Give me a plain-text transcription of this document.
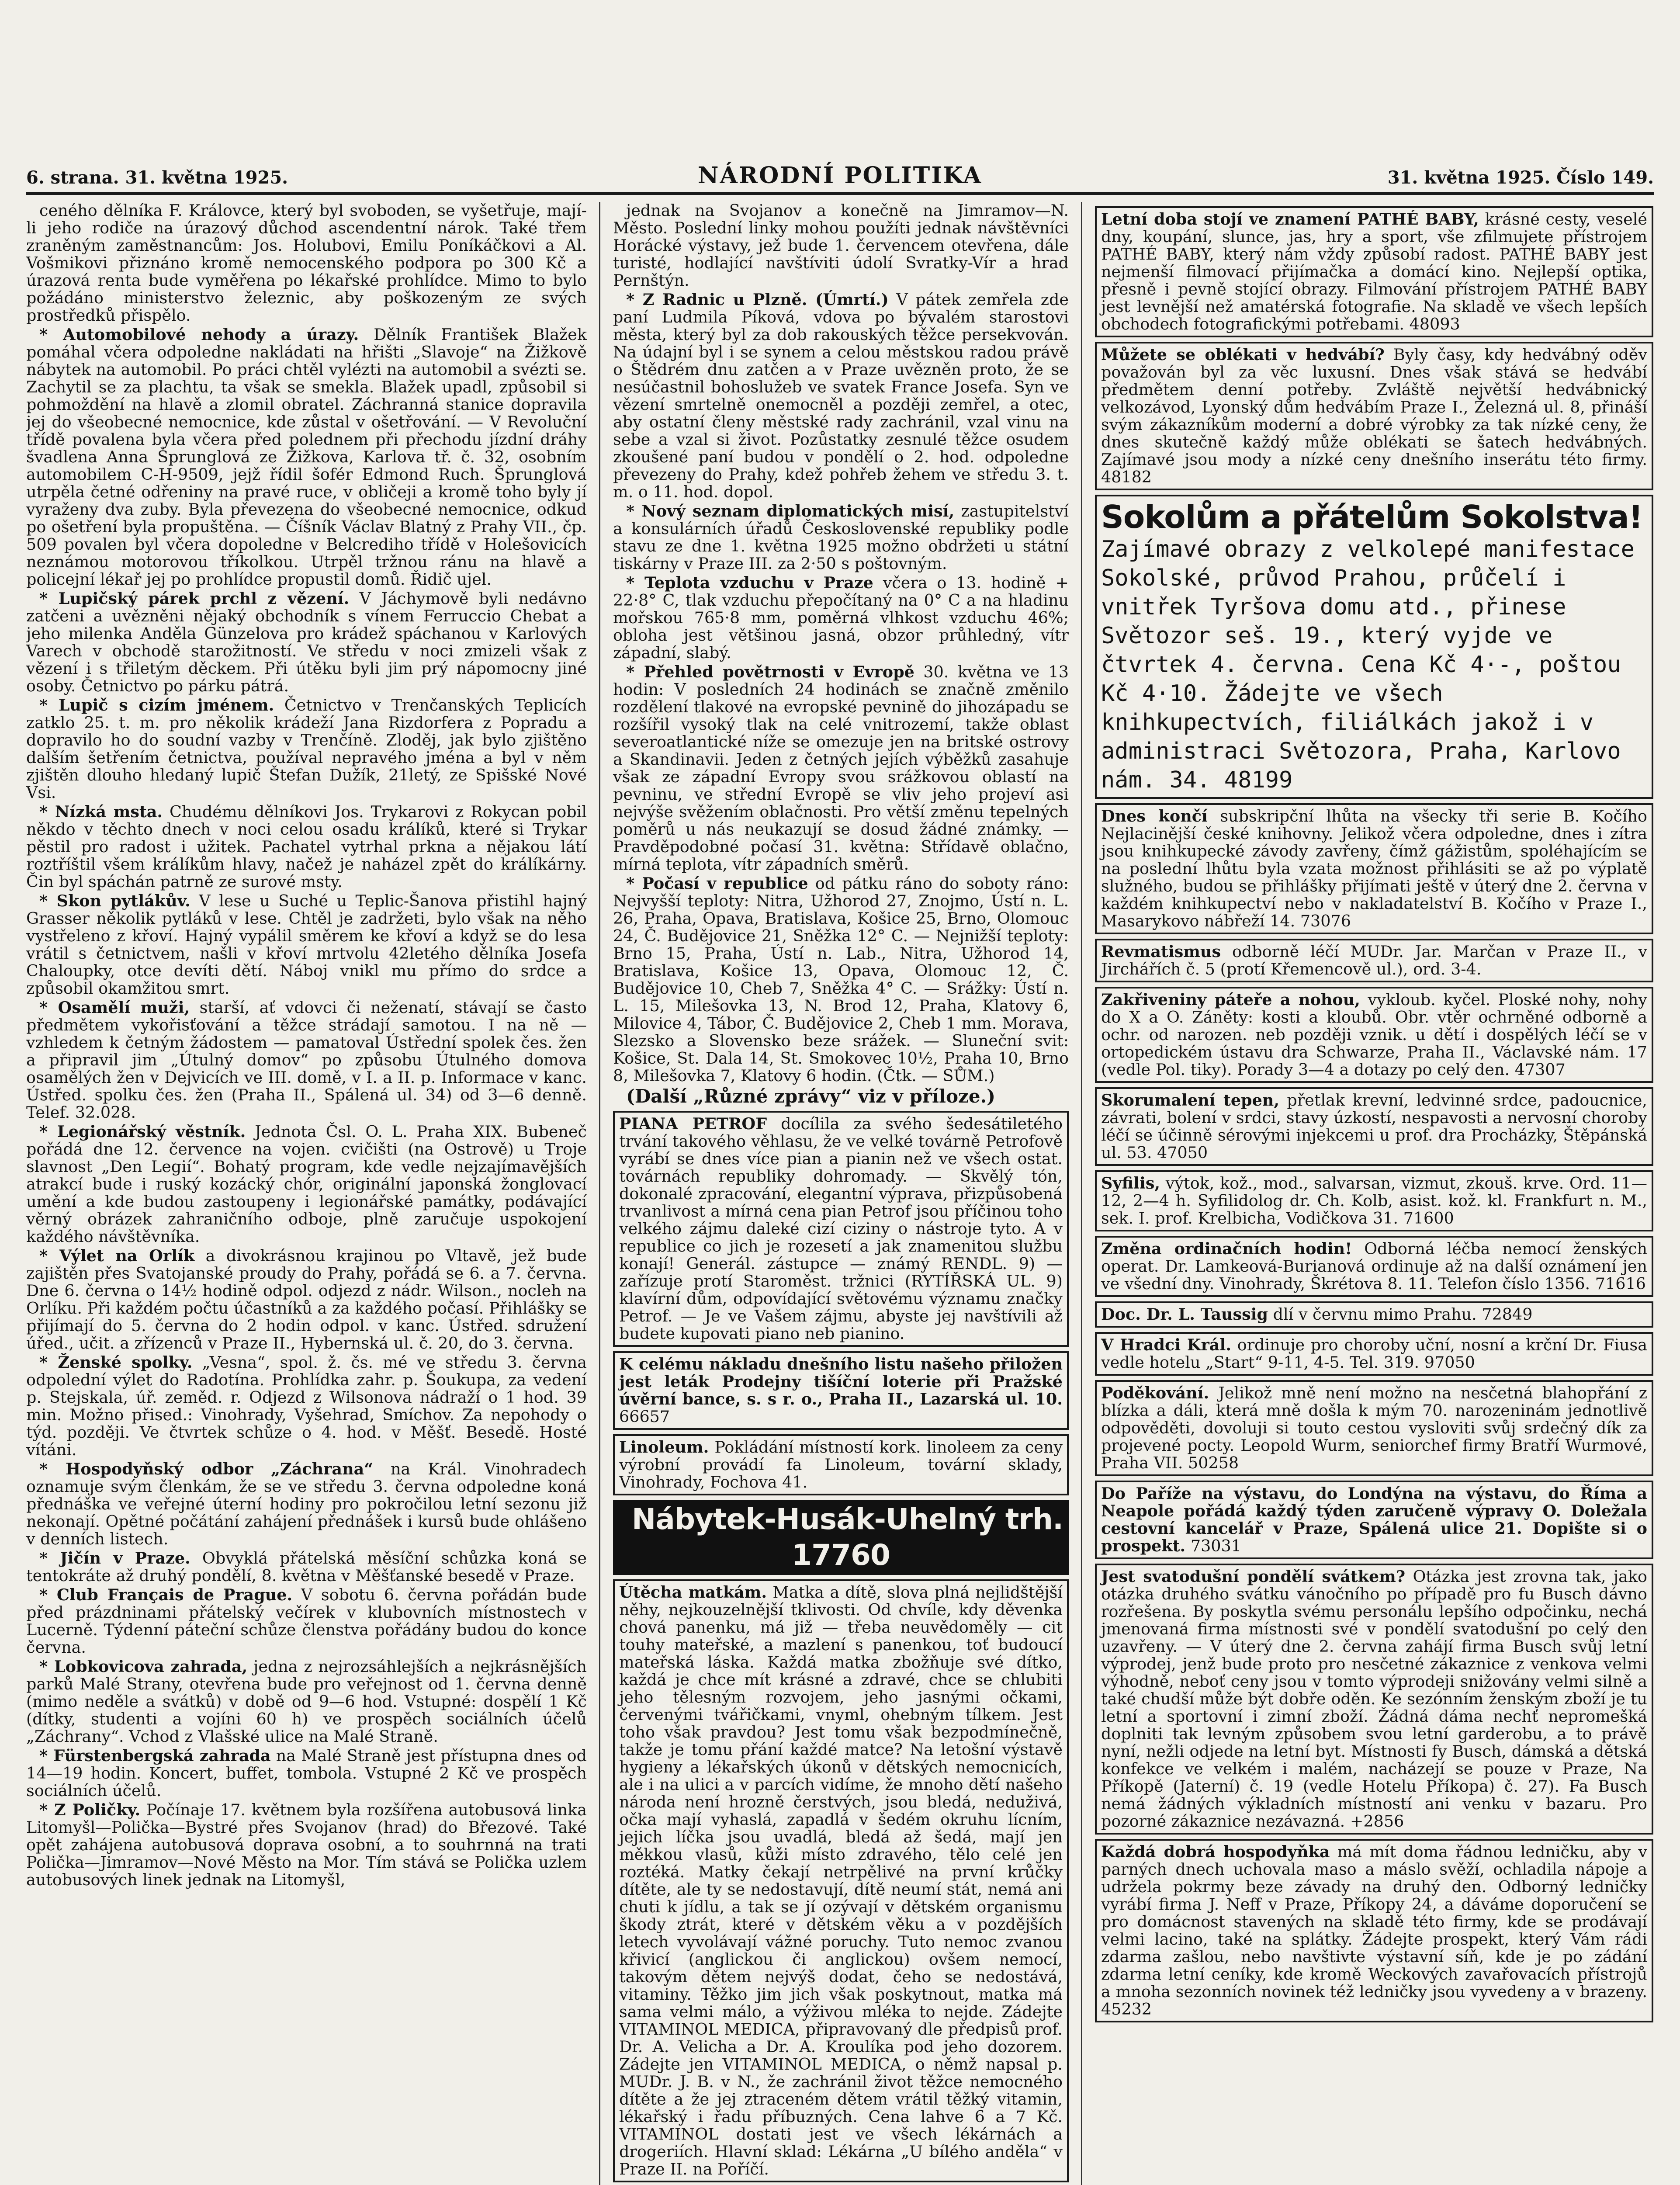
6. strana. 31. května 1925.	NÁRODNÍ POLITIKA	31. května 1925. Číslo 149.

ceného dělníka F. Královce, který byl svoboden, se vyšetřuje, mají-li jeho rodiče na úrazový důchod ascendentní nárok. Také třem zraněným zaměstnancům: Jos. Holubovi, Emilu Poníkáčkovi a Al. Vošmikovi přiznáno kromě nemocenského podpora po 300 Kč a úrazová renta bude vyměřena po lékařské prohlídce. Mimo to bylo požádáno ministerstvo železnic, aby poškozeným ze svých prostředků přispělo.

* Automobilové nehody a úrazy. Dělník František Blažek pomáhal včera odpoledne nakládati na hřišti „Slavoje“ na Žižkově nábytek na automobil. Po práci chtěl vylézti na automobil a svézti se. Zachytil se za plachtu, ta však se smekla. Blažek upadl, způsobil si pohmoždění na hlavě a zlomil obratel. Záchranná stanice dopravila jej do všeobecné nemocnice, kde zůstal v ošetřování. — V Revoluční třídě povalena byla včera před polednem při přechodu jízdní dráhy švadlena Anna Šprunglová ze Žižkova, Karlova tř. č. 32, osobním automobilem C-H-9509, jejž řídil šofér Edmond Ruch. Šprunglová utrpěla četné odřeniny na pravé ruce, v obličeji a kromě toho byly jí vyraženy dva zuby. Byla převezena do všeobecné nemocnice, odkud po ošetření byla propuštěna. — Číšník Václav Blatný z Prahy VII., čp. 509 povalen byl včera dopoledne v Belcrediho třídě v Holešovicích neznámou motorovou tříkolkou. Utrpěl tržnou ránu na hlavě a policejní lékař jej po prohlídce propustil domů. Řidič ujel.

* Lupičský párek prchl z vězení. V Jáchymově byli nedávno zatčeni a uvězněni nějaký obchodník s vínem Ferruccio Chebat a jeho milenka Anděla Günzelova pro krádež spáchanou v Karlových Varech v obchodě starožitností. Ve středu v noci zmizeli však z vězení i s třiletým děckem. Při útěku byli jim prý nápomocny jiné osoby. Četnictvo po párku pátrá.

* Lupič s cizím jménem. Četnictvo v Trenčanských Teplicích zatklo 25. t. m. pro několik krádeží Jana Rizdorfera z Popradu a dopravilo ho do soudní vazby v Trenčíně. Zloděj, jak bylo zjištěno dalším šetřením četnictva, používal nepravého jména a byl v něm zjištěn dlouho hledaný lupič Štefan Dužík, 21letý, ze Spišské Nové Vsi.

* Nízká msta. Chudému dělníkovi Jos. Trykarovi z Rokycan pobil někdo v těchto dnech v noci celou osadu králíků, které si Trykar pěstil pro radost i užitek. Pachatel vytrhal prkna a nějakou látí roztříštil všem králíkům hlavy, načež je naházel zpět do králíkárny. Čin byl spáchán patrně ze surové msty.

* Skon pytlákův. V lese u Suché u Teplic-Šanova přistihl hajný Grasser několik pytláků v lese. Chtěl je zadržeti, bylo však na něho vystřeleno z křoví. Hajný vypálil směrem ke křoví a když se do lesa vrátil s četnictvem, našli v křoví mrtvolu 42letého dělníka Josefa Chaloupky, otce devíti dětí. Náboj vnikl mu přímo do srdce a způsobil okamžitou smrt.

* Osamělí muži, starší, ať vdovci či neženatí, stávají se často předmětem vykořisťování a těžce strádají samotou. I na ně — vzhledem k četným žádostem — pamatoval Ústřední spolek čes. žen a připravil jim „Útulný domov“ po způsobu Útulného domova osamělých žen v Dejvicích ve III. domě, v I. a II. p. Informace v kanc. Ústřed. spolku čes. žen (Praha II., Spálená ul. 34) od 3—6 denně. Telef. 32.028.

* Legionářský věstník. Jednota Čsl. O. L. Praha XIX. Bubeneč pořádá dne 12. července na vojen. cvičišti (na Ostrově) u Troje slavnost „Den Legií“. Bohatý program, kde vedle nejzajímavějších atrakcí bude i ruský kozácký chór, originální japonská žonglovací umění a kde budou zastoupeny i legionářské památky, podávající věrný obrázek zahraničního odboje, plně zaručuje uspokojení každého návštěvníka.

* Výlet na Orlík a divokrásnou krajinou po Vltavě, jež bude zajištěn přes Svatojanské proudy do Prahy, pořádá se 6. a 7. června. Dne 6. června o 14½ hodině odpol. odjezd z nádr. Wilson., nocleh na Orlíku. Při každém počtu účastníků a za každého počasí. Přihlášky se přijímají do 5. června do 2 hodin odpol. v kanc. Ústřed. sdružení úřed., učit. a zřízenců v Praze II., Hybernská ul. č. 20, do 3. června.

* Ženské spolky. „Vesna“, spol. ž. čs. mé ve středu 3. června odpolední výlet do Radotína. Prohlídka zahr. p. Šoukupa, za vedení p. Stejskala, úř. zeměd. r. Odjezd z Wilsonova nádraží o 1 hod. 39 min. Možno přised.: Vinohrady, Vyšehrad, Smíchov. Za nepohody o týd. později. Ve čtvrtek schůze o 4. hod. v Měšť. Besedě. Hosté vítáni.

* Hospodyňský odbor „Záchrana“ na Král. Vinohradech oznamuje svým členkám, že se ve středu 3. června odpoledne koná přednáška ve veřejné úterní hodiny pro pokročilou letní sezonu již nekonají. Opětné počátání zahájení přednášek i kursů bude ohlášeno v denních listech.

* Jičín v Praze. Obvyklá přátelská měsíční schůzka koná se tentokráte až druhý pondělí, 8. května v Měšťanské besedě v Praze.

* Club Français de Prague. V sobotu 6. června pořádán bude před prázdninami přátelský večírek v klubovních místnostech v Lucerně. Týdenní páteční schůze členstva pořádány budou do konce června.

* Lobkovicova zahrada, jedna z nejrozsáhlejších a nejkrásnějších parků Malé Strany, otevřena bude pro veřejnost od 1. června denně (mimo neděle a svátků) v době od 9—6 hod. Vstupné: dospělí 1 Kč (dítky, studenti a vojíni 60 h) ve prospěch sociálních účelů „Záchrany“. Vchod z Vlašské ulice na Malé Straně.

* Fürstenbergská zahrada na Malé Straně jest přístupna dnes od 14—19 hodin. Koncert, buffet, tombola. Vstupné 2 Kč ve prospěch sociálních účelů.

* Z Poličky. Počínaje 17. květnem byla rozšířena autobusová linka Litomyšl—Polička—Bystré přes Svojanov (hrad) do Březové. Také opět zahájena autobusová doprava osobní, a to souhrnná na trati Polička—Jimramov—Nové Město na Mor. Tím stává se Polička uzlem autobusových linek jednak na Litomyšl,

jednak na Svojanov a konečně na Jimramov—N. Město. Poslední linky mohou použíti jednak návštěvníci Horácké výstavy, jež bude 1. červencem otevřena, dále turisté, hodlající navštíviti údolí Svratky-Vír a hrad Pernštýn.

* Z Radnic u Plzně. (Úmrtí.) V pátek zemřela zde paní Ludmila Píková, vdova po bývalém starostovi města, který byl za dob rakouských těžce persekvován. Na údajní byl i se synem a celou městskou radou právě o Štědrém dnu zatčen a v Praze uvězněn proto, že se nesúčastnil bohoslužeb ve svatek France Josefa. Syn ve vězení smrtelně onemocněl a později zemřel, a otec, aby ostatní členy městské rady zachránil, vzal vinu na sebe a vzal si život. Pozůstatky zesnulé těžce osudem zkoušené paní budou v pondělí o 2. hod. odpoledne převezeny do Prahy, kdež pohřeb žehem ve středu 3. t. m. o 11. hod. dopol.

* Nový seznam diplomatických misí, zastupitelství a konsulárních úřadů Československé republiky podle stavu ze dne 1. května 1925 možno obdržeti u státní tiskárny v Praze III. za 2·50 s poštovným.

* Teplota vzduchu v Praze včera o 13. hodině + 22·8° C, tlak vzduchu přepočítaný na 0° C a na hladinu mořskou 765·8 mm, poměrná vlhkost vzduchu 46%; obloha jest většinou jasná, obzor průhledný, vítr západní, slabý.

* Přehled povětrnosti v Evropě 30. května ve 13 hodin: V posledních 24 hodinách se značně změnilo rozdělení tlakové na evropské pevnině do jihozápadu se rozšířil vysoký tlak na celé vnitrozemí, takže oblast severoatlantické níže se omezuje jen na britské ostrovy a Skandinavii. Jeden z četných jejích výběžků zasahuje však ze západní Evropy svou srážkovou oblastí na pevninu, ve střední Evropě se vliv jeho projeví asi nejvýše svěžením oblačnosti. Pro větší změnu tepelných poměrů u nás neukazují se dosud žádné známky. — Pravděpodobné počasí 31. května: Střídavě oblačno, mírná teplota, vítr západních směrů.

* Počasí v republice od pátku ráno do soboty ráno: Nejvyšší teploty: Nitra, Užhorod 27, Znojmo, Ústí n. L. 26, Praha, Opava, Bratislava, Košice 25, Brno, Olomouc 24, Č. Budějovice 21, Sněžka 12° C. — Nejnižší teploty: Brno 15, Praha, Ústí n. Lab., Nitra, Užhorod 14, Bratislava, Košice 13, Opava, Olomouc 12, Č. Budějovice 10, Cheb 7, Sněžka 4° C. — Srážky: Ústí n. L. 15, Milešovka 13, N. Brod 12, Praha, Klatovy 6, Milovice 4, Tábor, Č. Budějovice 2, Cheb 1 mm. Morava, Slezsko a Slovensko beze srážek. — Sluneční svit: Košice, St. Dala 14, St. Smokovec 10½, Praha 10, Brno 8, Milešovka 7, Klatovy 6 hodin. (Čtk. — SŮM.)

(Další „Různé zprávy“ viz v příloze.)

PIANA PETROF docílila za svého šedesátiletého trvání takového věhlasu, že ve velké továrně Petrofově vyrábí se dnes více pian a pianin než ve všech ostat. továrnách republiky dohromady. — Skvělý tón, dokonalé zpracování, elegantní výprava, přizpůsobená trvanlivost a mírná cena pian Petrof jsou příčinou toho velkého zájmu daleké cizí ciziny o nástroje tyto. A v republice co jich je rozesetí a jak znamenitou službu konají! Generál. zástupce — známý RENDL. 9) — zařízuje protí Staroměst. tržnici (RYTÍŘSKÁ UL. 9) klavírní dům, odpovídající světovému významu značky Petrof. — Je ve Vašem zájmu, abyste jej navštívili až budete kupovati piano neb pianino.

K celému nákladu dnešního listu našeho přiložen jest leták Prodejny tišíční loterie při Pražské úvěrní bance, s. s r. o., Praha II., Lazarská ul. 10. 66657

Linoleum. Pokládání místností kork. linoleem za ceny výrobní provádí fa Linoleum, tovární sklady, Vinohrady, Fochova 41.

Nábytek-Husák-Uhelný trh. 17760

Útěcha matkám. Matka a dítě, slova plná nejlidštější něhy, nejkouzelnější tklivosti. Od chvíle, kdy děvenka chová panenku, má již — třeba neuvědoměly — cit touhy mateřské, a mazlení s panenkou, toť budoucí mateřská láska. Každá matka zbožňuje své dítko, každá je chce mít krásné a zdravé, chce se chlubiti jeho tělesným rozvojem, jeho jasnými očkami, červenými tvářičkami, vnyml, ohebným tílkem. Jest toho však pravdou? Jest tomu však bezpodmínečně, takže je tomu přání každé matce? Na letošní výstavě hygieny a lékařských úkonů v dětských nemocnicích, ale i na ulici a v parcích vidíme, že mnoho dětí našeho národa není hrozně čerstvých, jsou bledá, neduživá, očka mají vyhaslá, zapadlá v šedém okruhu lícním, jejich líčka jsou uvadlá, bledá až šedá, mají jen měkkou vlasů, kůži místo zdravého, tělo celé jen roztéká. Matky čekají netrpělivé na první krůčky dítěte, ale ty se nedostavují, dítě neumí stát, nemá ani chuti k jídlu, a tak se jí ozývají v dětském organismu škody ztrát, které v dětském věku a v pozdějších letech vyvolávají vážné poruchy. Tuto nemoc zvanou křivicí (anglickou či anglickou) ovšem nemocí, takovým dětem nejvýš dodat, čeho se nedostává, vitaminy. Těžko jim jich však poskytnout, matka má sama velmi málo, a výživou mléka to nejde. Zádejte VITAMINOL MEDICA, připravovaný dle předpisů prof. Dr. A. Velicha a Dr. A. Kroulíka pod jeho dozorem. Zádejte jen VITAMINOL MEDICA, o němž napsal p. MUDr. J. B. v N., že zachránil život těžce nemocného dítěte a že jej ztraceném dětem vrátil těžký vitamin, lékařský i řadu příbuzných. Cena lahve 6 a 7 Kč. VITAMINOL dostati jest ve všech lékárnách a drogeriích. Hlavní sklad: Lékárna „U bílého anděla“ v Praze II. na Poříčí.

Letní doba stojí ve znamení PATHÉ BABY, krásné cesty, veselé dny, koupání, slunce, jas, hry a sport, vše zfilmujete přístrojem PATHÉ BABY, který nám vždy způsobí radost. PATHÉ BABY jest nejmenší filmovací přijímačka a domácí kino. Nejlepší optika, přesně i pevně stojící obrazy. Filmování přístrojem PATHÉ BABY jest levnější než amatérská fotografie. Na skladě ve všech lepších obchodech fotografickými potřebami. 48093

Můžete se oblékati v hedvábí? Byly časy, kdy hedvábný oděv považován byl za věc luxusní. Dnes však stává se hedvábí předmětem denní potřeby. Zvláště největší hedvábnický velkozávod, Lyonský dům hedvábím Praze I., Železná ul. 8, přináší svým zákazníkům moderní a dobré výrobky za tak nízké ceny, že dnes skutečně každý může oblékati se šatech hedvábných. Zajímavé jsou mody a nízké ceny dnešního inserátu této firmy. 48182

Sokolům a přátelům Sokolstva! Zajímavé obrazy z velkolepé manifestace Sokolské, průvod Prahou, průčelí i vnitřek Tyršova domu atd., přinese Světozor seš. 19., který vyjde ve čtvrtek 4. června. Cena Kč 4·-, poštou Kč 4·10. Žádejte ve všech knihkupectvích, filiálkách jakož i v administraci Světozora, Praha, Karlovo nám. 34. 48199

Dnes končí subskripční lhůta na všecky tři serie B. Kočího Nejlacinější české knihovny. Jelikož včera odpoledne, dnes i zítra jsou knihkupecké závody zavřeny, čímž gážistům, spoléhajícím se na poslední lhůtu byla vzata možnost přihlásiti se až po výplatě služného, budou se přihlášky přijímati ještě v úterý dne 2. června v každém knihkupectví nebo v nakladatelství B. Kočího v Praze I., Masarykovo nábřeží 14. 73076

Revmatismus odborně léčí MUDr. Jar. Marčan v Praze II., v Jirchářích č. 5 (protí Křemencově ul.), ord. 3-4.

Zakřiveniny páteře a nohou, vykloub. kyčel. Ploské nohy, nohy do X a O. Záněty: kosti a kloubů. Obr. vtěr ochrněné odborně a ochr. od narozen. neb později vznik. u dětí i dospělých léčí se v ortopedickém ústavu dra Schwarze, Praha II., Václavské nám. 17 (vedle Pol. tiky). Porady 3—4 a dotazy po celý den. 47307

Skorumalení tepen, přetlak krevní, ledvinné srdce, padoucnice, závrati, bolení v srdci, stavy úzkostí, nespavosti a nervosní choroby léčí se účinně sérovými injekcemi u prof. dra Procházky, Štěpánská ul. 53. 47050

Syfilis, výtok, kož., mod., salvarsan, vizmut, zkouš. krve. Ord. 11—12, 2—4 h. Syfilidolog dr. Ch. Kolb, asist. kož. kl. Frankfurt n. M., sek. I. prof. Krelbicha, Vodičkova 31. 71600

Změna ordinačních hodin! Odborná léčba nemocí ženských operat. Dr. Lamkeová-Burianová ordinuje až na další oznámení jen ve všední dny. Vinohrady, Škrétova 8. 11. Telefon číslo 1356. 71616

Doc. Dr. L. Taussig dlí v červnu mimo Prahu. 72849

V Hradci Král. ordinuje pro choroby uční, nosní a krční Dr. Fiusa vedle hotelu „Start“ 9-11, 4-5. Tel. 319. 97050

Poděkování. Jelikož mně není možno na nesčetná blahopřání z blízka a dáli, která mně došla k mým 70. narozeninám jednotlivě odpověděti, dovoluji si touto cestou vysloviti svůj srdečný dík za projevené pocty. Leopold Wurm, seniorchef firmy Bratří Wurmové, Praha VII. 50258

Do Paříže na výstavu, do Londýna na výstavu, do Říma a Neapole pořádá každý týden zaručeně výpravy O. Doležala cestovní kancelář v Praze, Spálená ulice 21. Dopište si o prospekt. 73031

Jest svatodušní pondělí svátkem? Otázka jest zrovna tak, jako otázka druhého svátku vánočního po případě pro fu Busch dávno rozřešena. By poskytla svému personálu lepšího odpočinku, nechá jmenovaná firma místnosti své v pondělí svatodušní po celý den uzavřeny. — V úterý dne 2. června zahájí firma Busch svůj letní výprodej, jenž bude proto pro nesčetné zákaznice z venkova velmi výhodně, neboť ceny jsou v tomto výprodeji snižovány velmi silně a také chudší může být dobře oděn. Ke sezónním ženským zboží je tu letní a sportovní i zimní zboží. Žádná dáma nechť nepromešká doplniti tak levným způsobem svou letní garderobu, a to právě nyní, nežli odjede na letní byt. Místnosti fy Busch, dámská a dětská konfekce ve velkém i malém, nacházejí se pouze v Praze, Na Příkopě (Jaterní) č. 19 (vedle Hotelu Příkopa) č. 27). Fa Busch nemá žádných výkladních místností ani venku v bazaru. Pro pozorné zákaznice nezávazná. +2856

Každá dobrá hospodyňka má mít doma řádnou ledničku, aby v parných dnech uchovala maso a máslo svěží, ochladila nápoje a udržela pokrmy beze závady na druhý den. Odborný ledničky vyrábí firma J. Neff v Praze, Příkopy 24, a dáváme doporučení se pro domácnost stavených na skladě této firmy, kde se prodávají velmi lacino, také na splátky. Žádejte prospekt, který Vám rádi zdarma zašlou, nebo navštivte výstavní síň, kde je po zádání zdarma letní ceníky, kde kromě Weckových zavařovacích přístrojů a mnoha sezonních novinek též ledničky jsou vyvedeny a v brazeny. 45232
